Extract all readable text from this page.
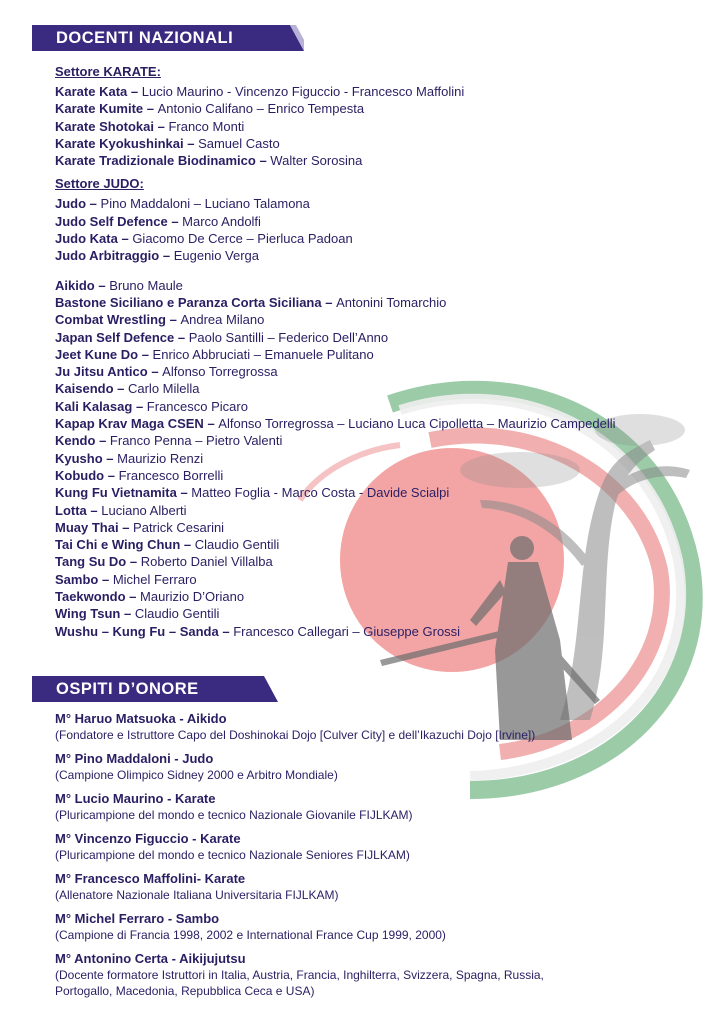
DOCENTI NAZIONALI
Settore KARATE:
Karate Kata – Lucio Maurino - Vincenzo Figuccio - Francesco Maffolini
Karate Kumite – Antonio Califano – Enrico Tempesta
Karate Shotokai – Franco Monti
Karate Kyokushinkai – Samuel Casto
Karate Tradizionale Biodinamico – Walter Sorosina
Settore JUDO:
Judo – Pino Maddaloni – Luciano Talamona
Judo Self Defence – Marco Andolfi
Judo Kata – Giacomo De Cerce – Pierluca Padoan
Judo Arbitraggio – Eugenio Verga
Aikido – Bruno Maule
Bastone Siciliano e Paranza Corta Siciliana – Antonini Tomarchio
Combat Wrestling – Andrea Milano
Japan Self Defence – Paolo Santilli – Federico Dell’Anno
Jeet Kune Do – Enrico Abbruciati – Emanuele Pulitano
Ju Jitsu Antico – Alfonso Torregrossa
Kaisendo – Carlo Milella
Kali Kalasag – Francesco Picaro
Kapap Krav Maga CSEN – Alfonso Torregrossa – Luciano Luca Cipolletta – Maurizio Campedelli
Kendo – Franco Penna – Pietro Valenti
Kyusho – Maurizio Renzi
Kobudo – Francesco Borrelli
Kung Fu Vietnamita – Matteo Foglia - Marco Costa - Davide Scialpi
Lotta – Luciano Alberti
Muay Thai – Patrick Cesarini
Tai Chi e Wing Chun – Claudio Gentili
Tang Su Do – Roberto Daniel Villalba
Sambo – Michel Ferraro
Taekwondo – Maurizio D’Oriano
Wing Tsun – Claudio Gentili
Wushu – Kung Fu – Sanda – Francesco Callegari – Giuseppe Grossi
OSPITI D’ONORE
M° Haruo Matsuoka - Aikido
(Fondatore e Istruttore Capo del Doshinokai Dojo [Culver City] e dell’Ikazuchi Dojo [Irvine])
M° Pino Maddaloni - Judo
(Campione Olimpico Sidney 2000 e Arbitro Mondiale)
M° Lucio Maurino - Karate
(Pluricampione del mondo e tecnico Nazionale Giovanile FIJLKAM)
M° Vincenzo Figuccio - Karate
(Pluricampione del mondo e tecnico Nazionale Seniores FIJLKAM)
M° Francesco Maffolini- Karate
(Allenatore Nazionale Italiana Universitaria FIJLKAM)
M° Michel Ferraro - Sambo
(Campione di Francia 1998, 2002 e International France Cup 1999, 2000)
M° Antonino Certa - Aikijujutsu
(Docente formatore Istruttori in Italia, Austria, Francia, Inghilterra, Svizzera, Spagna, Russia,
Portogallo, Macedonia, Repubblica Ceca e USA)
